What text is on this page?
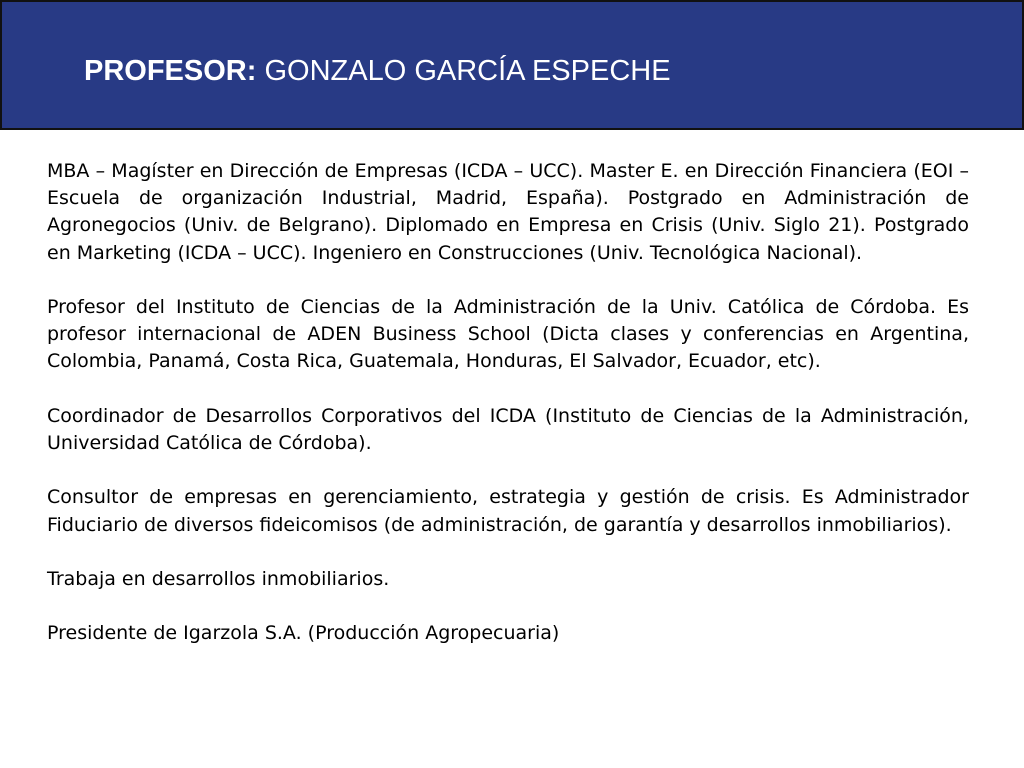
PROFESOR: GONZALO GARCÍA ESPECHE

MBA – Magíster en Dirección de Empresas (ICDA – UCC). Master E. en Dirección Financiera (EOI – Escuela de organización Industrial, Madrid, España). Postgrado en Administración de Agronegocios (Univ. de Belgrano). Diplomado en Empresa en Crisis (Univ. Siglo 21). Postgrado en Marketing (ICDA – UCC). Ingeniero en Construcciones (Univ. Tecnológica Nacional).

Profesor del Instituto de Ciencias de la Administración de la Univ. Católica de Córdoba. Es profesor internacional de ADEN Business School (Dicta clases y conferencias en Argentina, Colombia, Panamá, Costa Rica, Guatemala, Honduras, El Salvador, Ecuador, etc).

Coordinador de Desarrollos Corporativos del ICDA (Instituto de Ciencias de la Administración, Universidad Católica de Córdoba).

Consultor de empresas en gerenciamiento, estrategia y gestión de crisis. Es Administrador Fiduciario de diversos fideicomisos (de administración, de garantía y desarrollos inmobiliarios).

Trabaja en desarrollos inmobiliarios.

Presidente de Igarzola S.A. (Producción Agropecuaria)
